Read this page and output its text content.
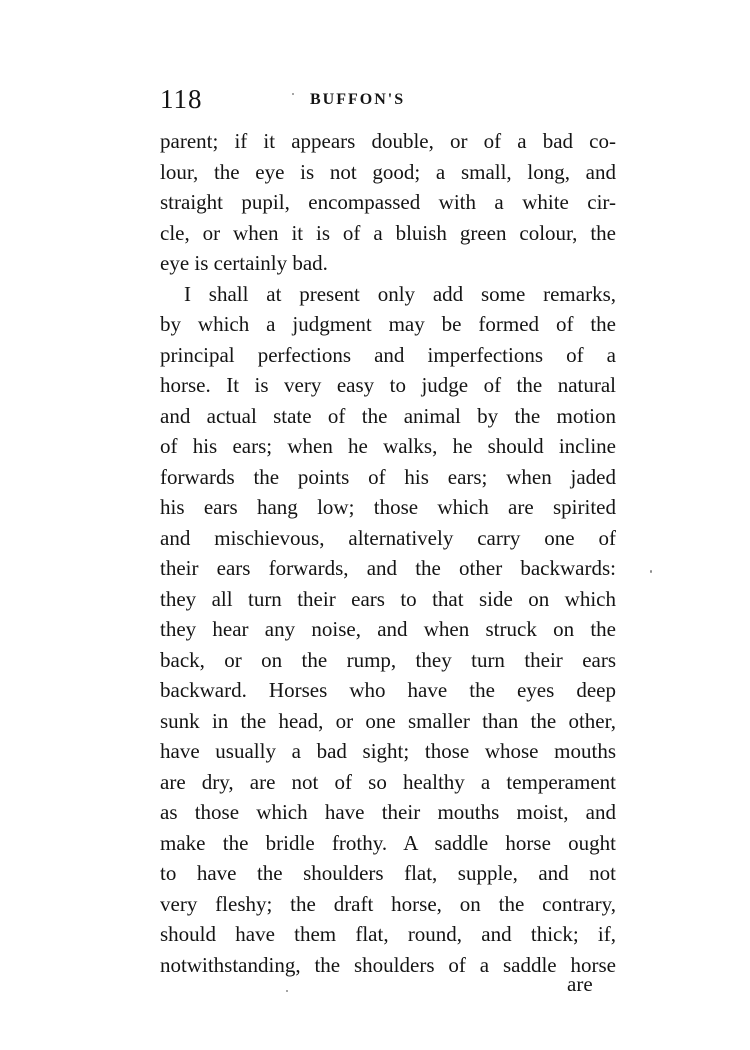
118	BUFFON'S
parent; if it appears double, or of a bad co-
lour, the eye is not good; a small, long, and
straight pupil, encompassed with a white cir-
cle, or when it is of a bluish green colour, the
eye is certainly bad.
I shall at present only add some remarks,
by which a judgment may be formed of the
principal perfections and imperfections of a
horse. It is very easy to judge of the natural
and actual state of the animal by the motion
of his ears; when he walks, he should incline
forwards the points of his ears; when jaded
his ears hang low; those which are spirited
and mischievous, alternatively carry one of
their ears forwards, and the other backwards:
they all turn their ears to that side on which
they hear any noise, and when struck on the
back, or on the rump, they turn their ears
backward. Horses who have the eyes deep
sunk in the head, or one smaller than the other,
have usually a bad sight; those whose mouths
are dry, are not of so healthy a temperament
as those which have their mouths moist, and
make the bridle frothy. A saddle horse ought
to have the shoulders flat, supple, and not
very fleshy; the draft horse, on the contrary,
should have them flat, round, and thick; if,
notwithstanding, the shoulders of a saddle horse
are
